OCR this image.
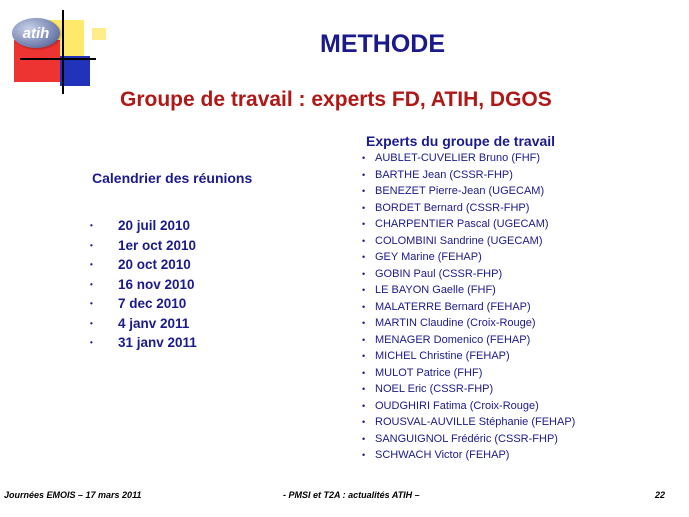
atih	METHODE
Groupe de travail : experts FD, ATIH, DGOS
Calendrier des réunions
• 20 juil 2010
• 1er oct 2010
• 20 oct 2010
• 16 nov 2010
• 7 dec 2010
• 4 janv 2011
• 31 janv 2011
Experts du groupe de travail
• AUBLET-CUVELIER Bruno (FHF)
• BARTHE Jean (CSSR-FHP)
• BENEZET Pierre-Jean (UGECAM)
• BORDET Bernard (CSSR-FHP)
• CHARPENTIER Pascal (UGECAM)
• COLOMBINI Sandrine (UGECAM)
• GEY Marine (FEHAP)
• GOBIN Paul (CSSR-FHP)
• LE BAYON Gaelle (FHF)
• MALATERRE Bernard (FEHAP)
• MARTIN Claudine (Croix-Rouge)
• MENAGER Domenico (FEHAP)
• MICHEL Christine (FEHAP)
• MULOT Patrice (FHF)
• NOEL Eric (CSSR-FHP)
• OUDGHIRI Fatima (Croix-Rouge)
• ROUSVAL-AUVILLE Stéphanie (FEHAP)
• SANGUIGNOL Frédéric (CSSR-FHP)
• SCHWACH Victor (FEHAP)
Journées EMOIS – 17 mars 2011	- PMSI et T2A : actualités ATIH –	22
